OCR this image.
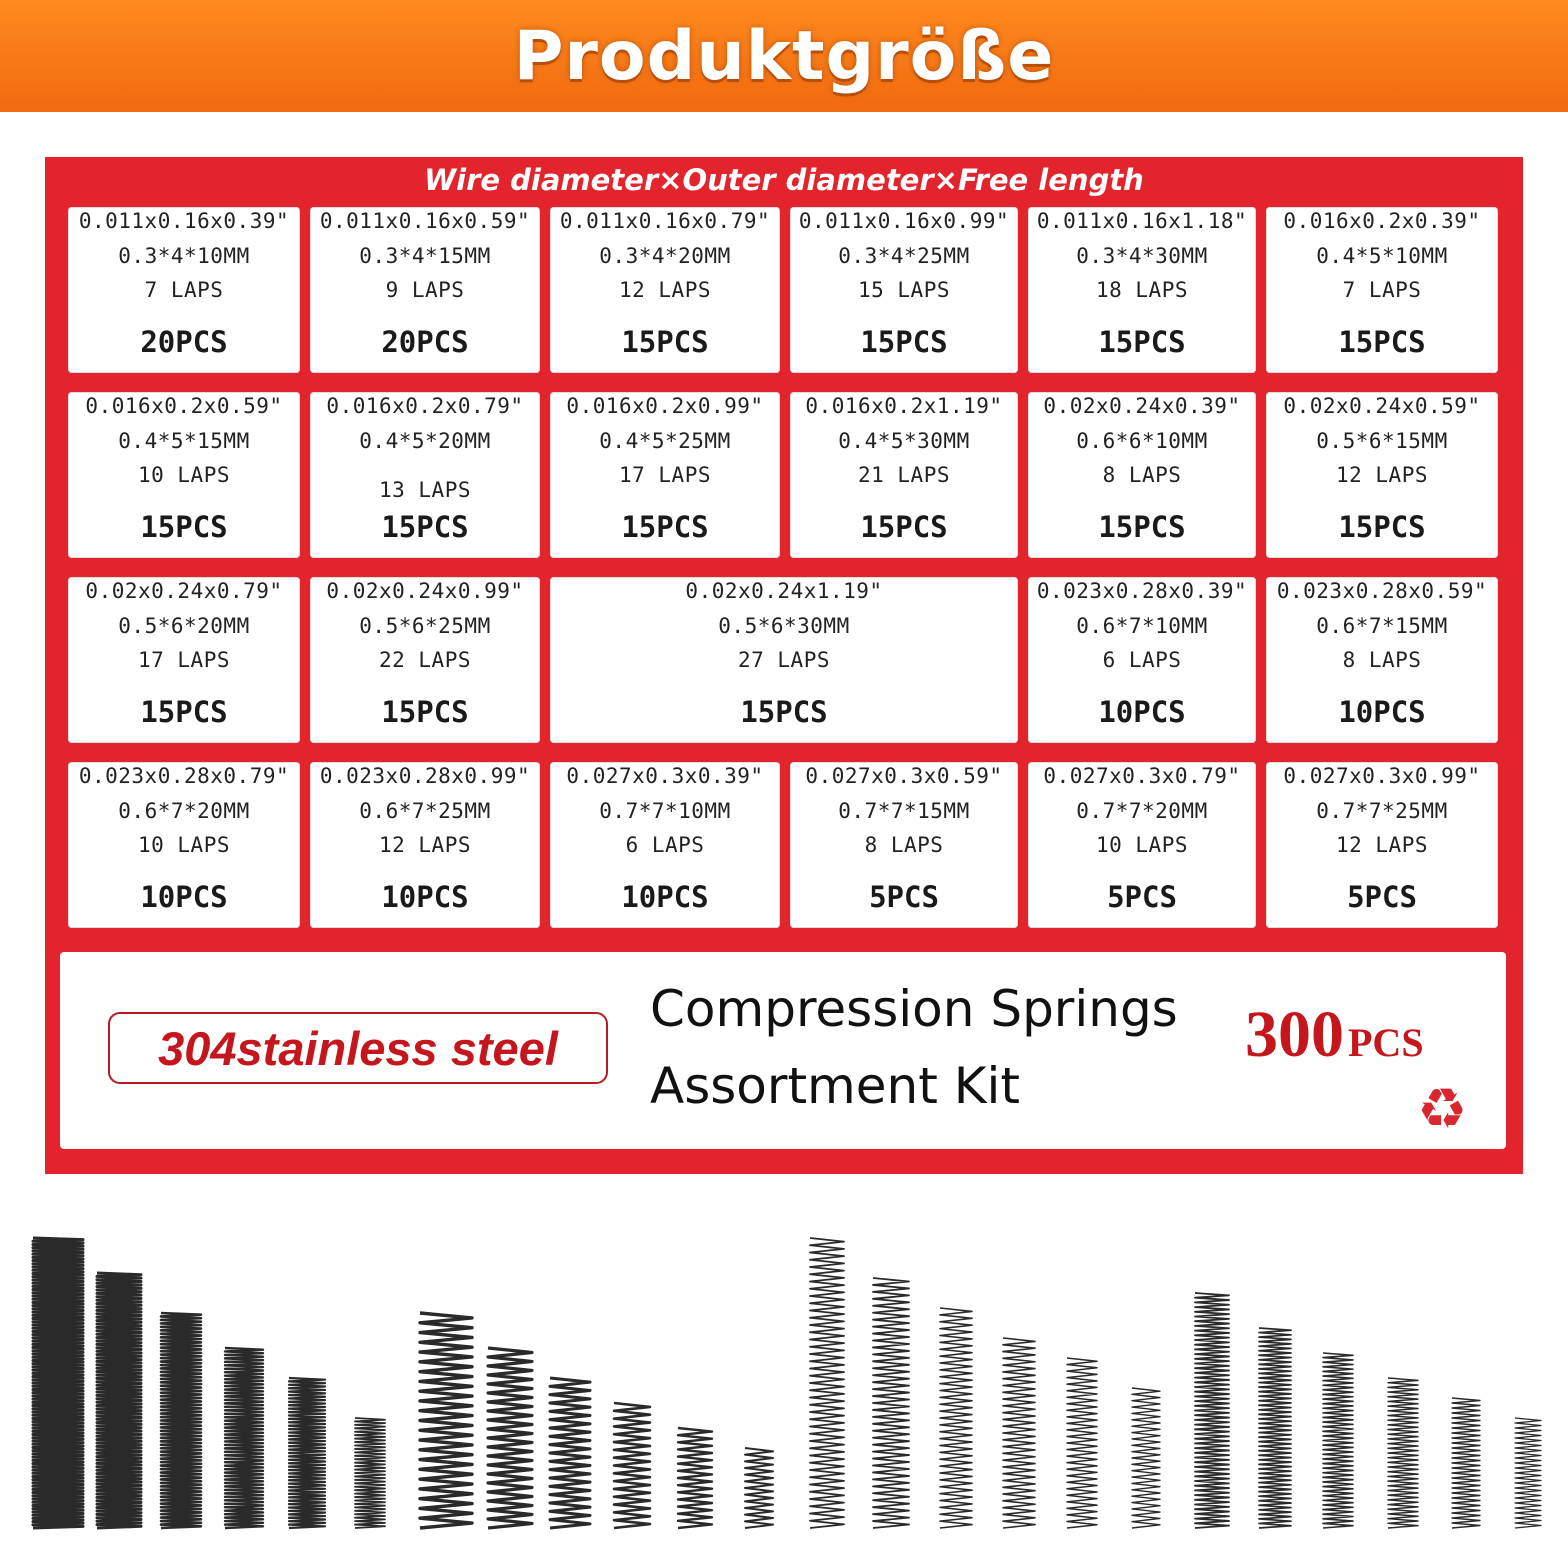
Produktgröße
Wire diameter×Outer diameter×Free length
0.011x0.16x0.39"
0.3*4*10MM
7 LAPS
20PCS
0.011x0.16x0.59"
0.3*4*15MM
9 LAPS
20PCS
0.011x0.16x0.79"
0.3*4*20MM
12 LAPS
15PCS
0.011x0.16x0.99"
0.3*4*25MM
15 LAPS
15PCS
0.011x0.16x1.18"
0.3*4*30MM
18 LAPS
15PCS
0.016x0.2x0.39"
0.4*5*10MM
7 LAPS
15PCS
0.016x0.2x0.59"
0.4*5*15MM
10 LAPS
15PCS
0.016x0.2x0.79"
0.4*5*20MM
13 LAPS
15PCS
0.016x0.2x0.99"
0.4*5*25MM
17 LAPS
15PCS
0.016x0.2x1.19"
0.4*5*30MM
21 LAPS
15PCS
0.02x0.24x0.39"
0.6*6*10MM
8 LAPS
15PCS
0.02x0.24x0.59"
0.5*6*15MM
12 LAPS
15PCS
0.02x0.24x0.79"
0.5*6*20MM
17 LAPS
15PCS
0.02x0.24x0.99"
0.5*6*25MM
22 LAPS
15PCS
0.02x0.24x1.19"
0.5*6*30MM
27 LAPS
15PCS
0.023x0.28x0.39"
0.6*7*10MM
6 LAPS
10PCS
0.023x0.28x0.59"
0.6*7*15MM
8 LAPS
10PCS
0.023x0.28x0.79"
0.6*7*20MM
10 LAPS
10PCS
0.023x0.28x0.99"
0.6*7*25MM
12 LAPS
10PCS
0.027x0.3x0.39"
0.7*7*10MM
6 LAPS
10PCS
0.027x0.3x0.59"
0.7*7*15MM
8 LAPS
5PCS
0.027x0.3x0.79"
0.7*7*20MM
10 LAPS
5PCS
0.027x0.3x0.99"
0.7*7*25MM
12 LAPS
5PCS
304stainless steel
Compression Springs
Assortment Kit
300 PCS
♻
